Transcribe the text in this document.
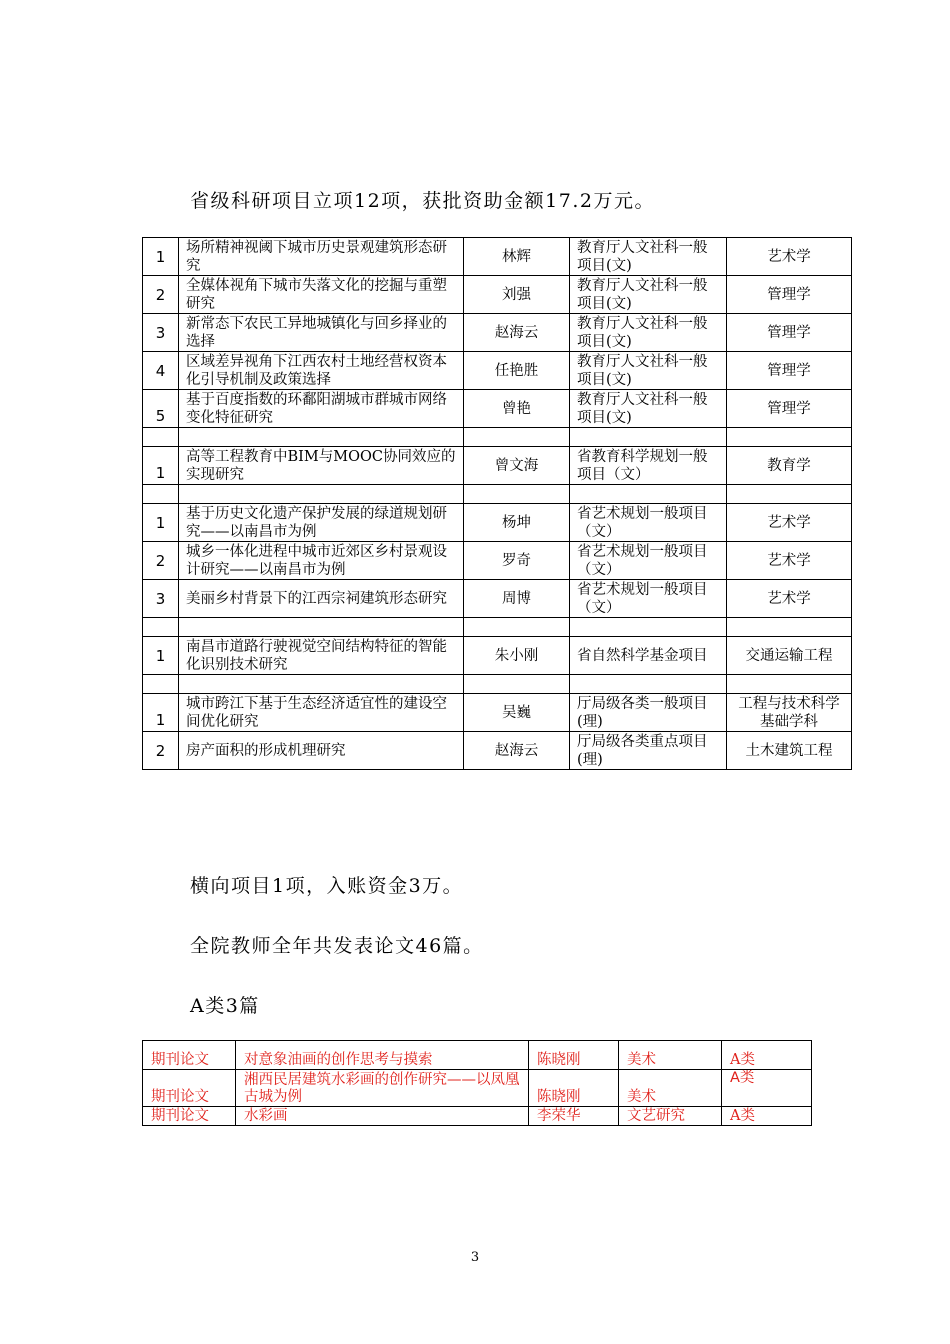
省级科研项目立项12项，获批资助金额17.2万元。
1	场所精神视阈下城市历史景观建筑形态研究	林辉	教育厅人文社科一般项目(文)	艺术学
2	全媒体视角下城市失落文化的挖掘与重塑研究	刘强	教育厅人文社科一般项目(文)	管理学
3	新常态下农民工异地城镇化与回乡择业的选择	赵海云	教育厅人文社科一般项目(文)	管理学
4	区域差异视角下江西农村土地经营权资本化引导机制及政策选择	任艳胜	教育厅人文社科一般项目(文)	管理学
5	基于百度指数的环鄱阳湖城市群城市网络变化特征研究	曾艳	教育厅人文社科一般项目(文)	管理学

1	高等工程教育中BIM与MOOC协同效应的实现研究	曾文海	省教育科学规划一般项目（文）	教育学

1	基于历史文化遗产保护发展的绿道规划研究——以南昌市为例	杨坤	省艺术规划一般项目（文）	艺术学
2	城乡一体化进程中城市近郊区乡村景观设计研究——以南昌市为例	罗奇	省艺术规划一般项目（文）	艺术学
3	美丽乡村背景下的江西宗祠建筑形态研究	周博	省艺术规划一般项目（文）	艺术学

1	南昌市道路行驶视觉空间结构特征的智能化识别技术研究	朱小刚	省自然科学基金项目	交通运输工程

1	城市跨江下基于生态经济适宜性的建设空间优化研究	吴巍	厅局级各类一般项目(理)	工程与技术科学基础学科
2	房产面积的形成机理研究	赵海云	厅局级各类重点项目(理)	土木建筑工程
横向项目1项，入账资金3万。
全院教师全年共发表论文46篇。
A类3篇
期刊论文	对意象油画的创作思考与摸索	陈晓刚	美术	A类
期刊论文	湘西民居建筑水彩画的创作研究——以凤凰古城为例	陈晓刚	美术	A类
期刊论文	水彩画	李荣华	文艺研究	A类
3
